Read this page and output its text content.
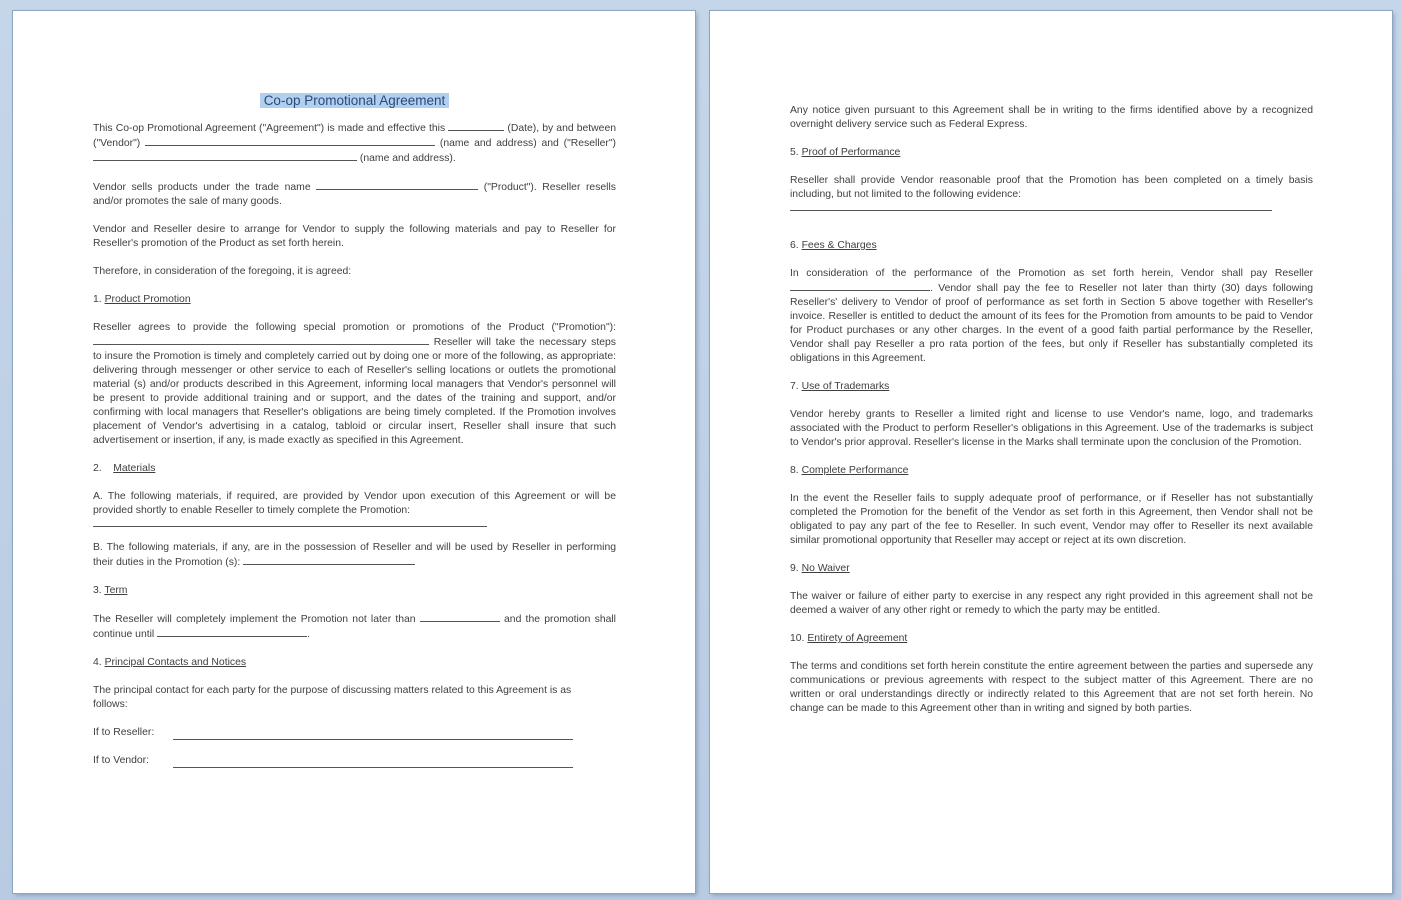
Co-op Promotional Agreement

This Co-op Promotional Agreement ("Agreement") is made and effective this	(Date), by and between ("Vendor")	(name and address) and ("Reseller")  (name and address).

Vendor sells products under the trade name	("Product"). Reseller resells and/or promotes the sale of many goods.

Vendor and Reseller desire to arrange for Vendor to supply the following materials and pay to Reseller for Reseller's promotion of the Product as set forth herein.

Therefore, in consideration of the foregoing, it is agreed:

1. Product Promotion

Reseller agrees to provide the following special promotion or promotions of the Product ("Promotion"):  Reseller will take the necessary steps to insure the Promotion is timely and completely carried out by doing one or more of the following, as appropriate: delivering through messenger or other service to each of Reseller's selling locations or outlets the promotional material (s) and/or products described in this Agreement, informing local managers that Vendor's personnel will be present to provide additional training and or support, and the dates of the training and support, and/or confirming with local managers that Reseller's obligations are being timely completed. If the Promotion involves placement of Vendor's advertising in a catalog, tabloid or circular insert, Reseller shall insure that such advertisement or insertion, if any, is made exactly as specified in this Agreement.

2. Materials

A. The following materials, if required, are provided by Vendor upon execution of this Agreement or will be provided shortly to enable Reseller to timely complete the Promotion:

B. The following materials, if any, are in the possession of Reseller and will be used by Reseller in performing their duties in the Promotion (s):

3. Term

The Reseller will completely implement the Promotion not later than	and the promotion shall continue until	.

4. Principal Contacts and Notices

The principal contact for each party for the purpose of discussing matters related to this Agreement is as follows:

If to Reseller:
If to Vendor:

Any notice given pursuant to this Agreement shall be in writing to the firms identified above by a recognized overnight delivery service such as Federal Express.

5. Proof of Performance

Reseller shall provide Vendor reasonable proof that the Promotion has been completed on a timely basis including, but not limited to the following evidence:

6. Fees & Charges

In consideration of the performance of the Promotion as set forth herein, Vendor shall pay Reseller . Vendor shall pay the fee to Reseller not later than thirty (30) days following Reseller's' delivery to Vendor of proof of performance as set forth in Section 5 above together with Reseller's invoice. Reseller is entitled to deduct the amount of its fees for the Promotion from amounts to be paid to Vendor for Product purchases or any other charges. In the event of a good faith partial performance by the Reseller, Vendor shall pay Reseller a pro rata portion of the fees, but only if Reseller has substantially completed its obligations in this Agreement.

7. Use of Trademarks

Vendor hereby grants to Reseller a limited right and license to use Vendor's name, logo, and trademarks associated with the Product to perform Reseller's obligations in this Agreement. Use of the trademarks is subject to Vendor's prior approval. Reseller's license in the Marks shall terminate upon the conclusion of the Promotion.

8. Complete Performance

In the event the Reseller fails to supply adequate proof of performance, or if Reseller has not substantially completed the Promotion for the benefit of the Vendor as set forth in this Agreement, then Vendor shall not be obligated to pay any part of the fee to Reseller. In such event, Vendor may offer to Reseller its next available similar promotional opportunity that Reseller may accept or reject at its own discretion.

9. No Waiver

The waiver or failure of either party to exercise in any respect any right provided in this agreement shall not be deemed a waiver of any other right or remedy to which the party may be entitled.

10. Entirety of Agreement

The terms and conditions set forth herein constitute the entire agreement between the parties and supersede any communications or previous agreements with respect to the subject matter of this Agreement. There are no written or oral understandings directly or indirectly related to this Agreement that are not set forth herein. No change can be made to this Agreement other than in writing and signed by both parties.
